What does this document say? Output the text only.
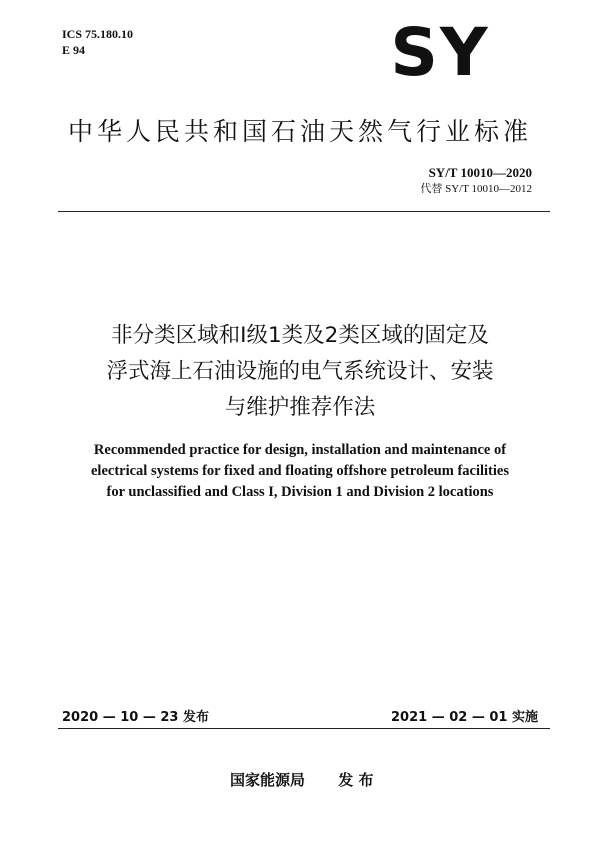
ICS 75.180.10
E 94	SY
中华人民共和国石油天然气行业标准
SY/T 10010—2020
代替 SY/T 10010—2012
非分类区域和Ⅰ级1类及2类区域的固定及
浮式海上石油设施的电气系统设计、安装
与维护推荐作法
Recommended practice for design, installation and maintenance of
electrical systems for fixed and floating offshore petroleum facilities
for unclassified and Class I, Division 1 and Division 2 locations
2020 — 10 — 23 发布	2021 — 02 — 01 实施
国家能源局 发 布
